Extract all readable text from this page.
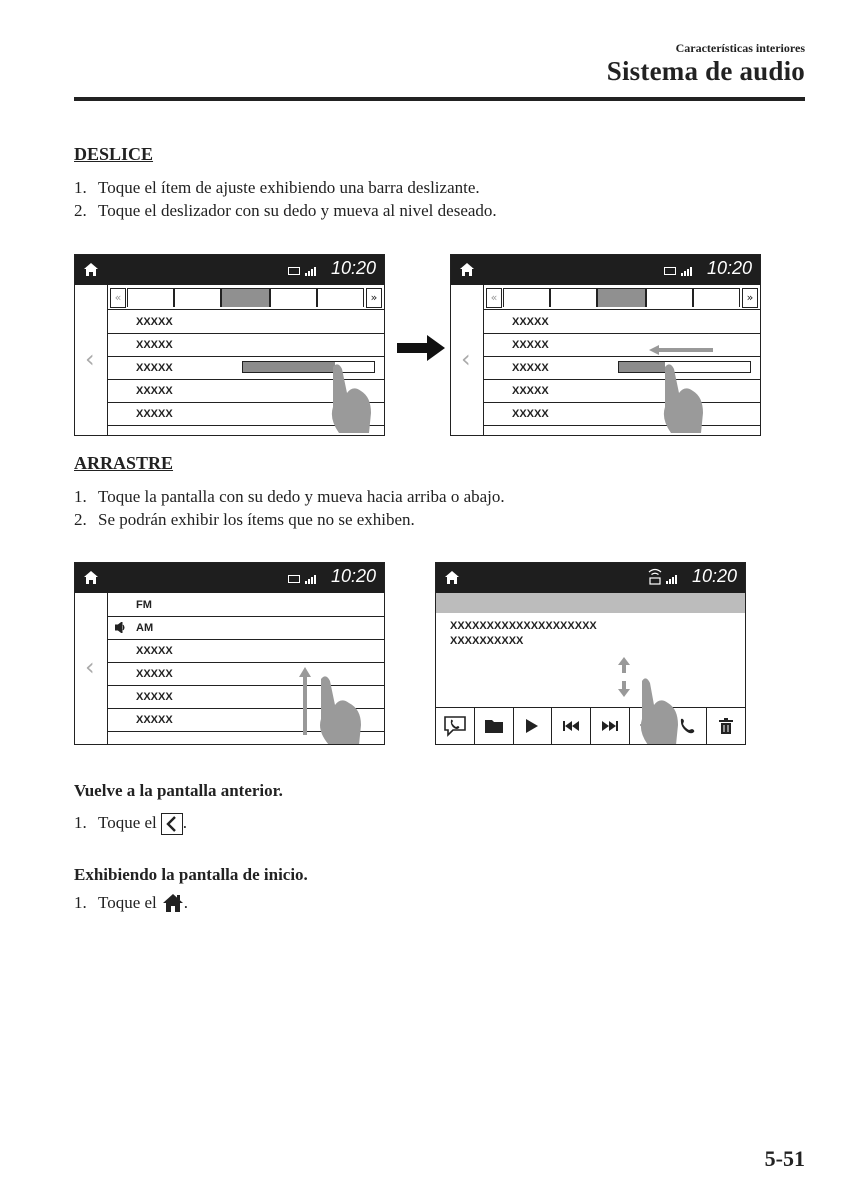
Características interiores
Sistema de audio
DESLICE
1. Toque el ítem de ajuste exhibiendo una barra deslizante.
2. Toque el deslizador con su dedo y mueva al nivel deseado.
10:20
«	»
‹
XXXXX
XXXXX
XXXXX
XXXXX
XXXXX
10:20
«	»
‹
XXXXX
XXXXX
XXXXX
XXXXX
XXXXX
ARRASTRE
1. Toque la pantalla con su dedo y mueva hacia arriba o abajo.
2. Se podrán exhibir los ítems que no se exhiben.
10:20
‹
FM
AM
XXXXX
XXXXX
XXXXX
XXXXX
10:20
XXXXXXXXXXXXXXXXXXXX
XXXXXXXXXX
Vuelve a la pantalla anterior.
1. Toque el .
Exhibiendo la pantalla de inicio.
1. Toque el .
5-51
